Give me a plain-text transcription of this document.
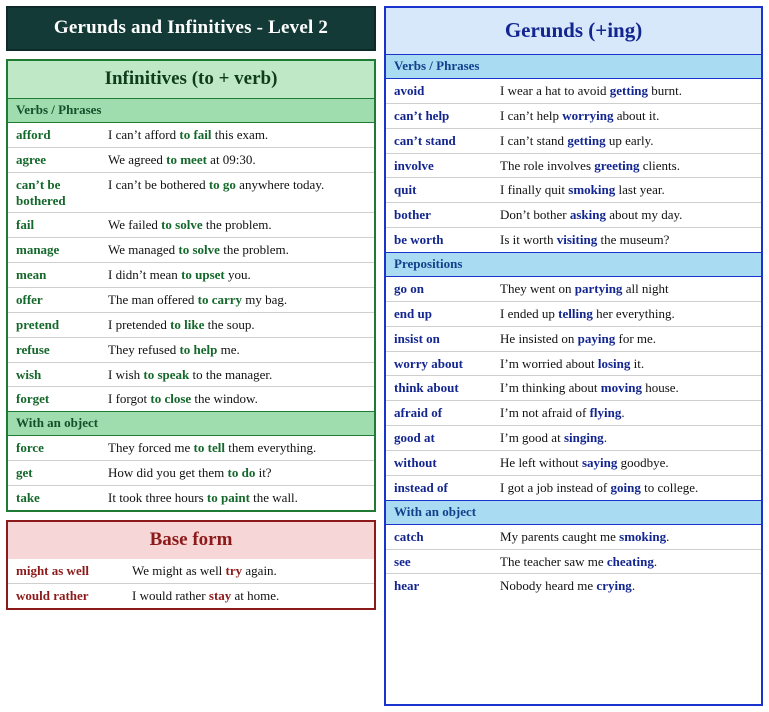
Gerunds and Infinitives - Level 2
Infinitives (to + verb)
Verbs / Phrases
afford	I can’t afford to fail this exam.
agree	We agreed to meet at 09:30.
can’t be bothered	I can’t be bothered to go anywhere today.
fail	We failed to solve the problem.
manage	We managed to solve the problem.
mean	I didn’t mean to upset you.
offer	The man offered to carry my bag.
pretend	I pretended to like the soup.
refuse	They refused to help me.
wish	I wish to speak to the manager.
forget	I forgot to close the window.
With an object
force	They forced me to tell them everything.
get	How did you get them to do it?
take	It took three hours to paint the wall.
Base form
might as well	We might as well try again.
would rather	I would rather stay at home.
Gerunds (+ing)
Verbs / Phrases
avoid	I wear a hat to avoid getting burnt.
can’t help	I can’t help worrying about it.
can’t stand	I can’t stand getting up early.
involve	The role involves greeting clients.
quit	I finally quit smoking last year.
bother	Don’t bother asking about my day.
be worth	Is it worth visiting the museum?
Prepositions
go on	They went on partying all night
end up	I ended up telling her everything.
insist on	He insisted on paying for me.
worry about	I’m worried about losing it.
think about	I’m thinking about moving house.
afraid of	I’m not afraid of flying.
good at	I’m good at singing.
without	He left without saying goodbye.
instead of	I got a job instead of going to college.
With an object
catch	My parents caught me smoking.
see	The teacher saw me cheating.
hear	Nobody heard me crying.
